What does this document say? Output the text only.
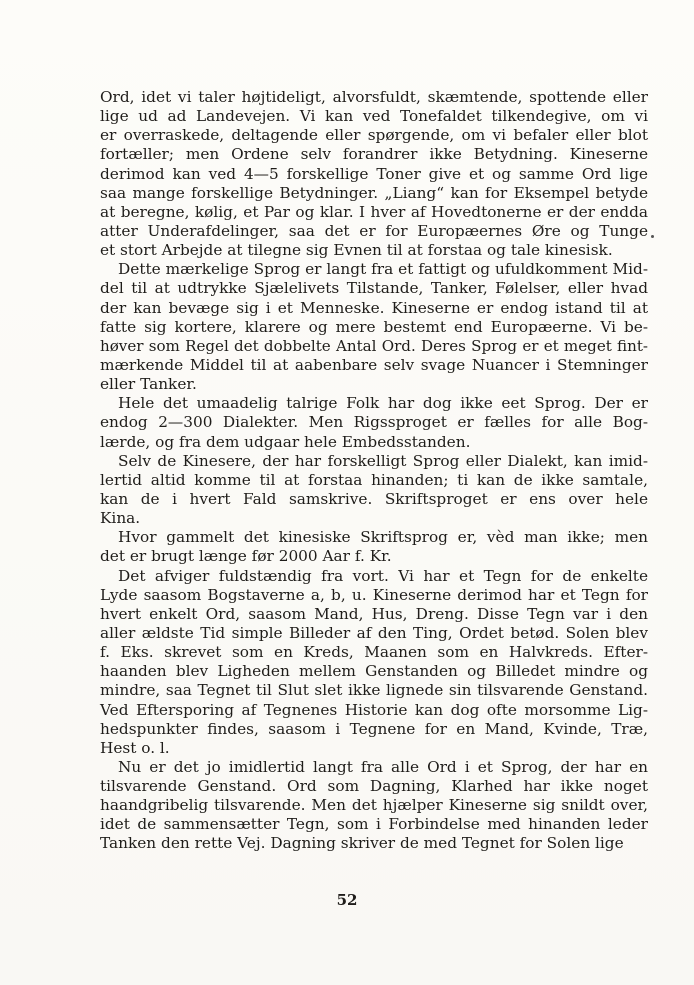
Ord, idet vi taler højtideligt, alvorsfuldt, skæmtende, spottende eller
lige ud ad Landevejen. Vi kan ved Tonefaldet tilkendegive, om vi
er overraskede, deltagende eller spørgende, om vi befaler eller blot
fortæller; men Ordene selv forandrer ikke Betydning. Kineserne
derimod kan ved 4—5 forskellige Toner give et og samme Ord lige
saa mange forskellige Betydninger. „Liang“ kan for Eksempel betyde
at beregne, kølig, et Par og klar. I hver af Hovedtonerne er der endda
atter Underafdelinger, saa det er for Europæernes Øre og Tunge
et stort Arbejde at tilegne sig Evnen til at forstaa og tale kinesisk.
Dette mærkelige Sprog er langt fra et fattigt og ufuldkomment Mid-
del til at udtrykke Sjælelivets Tilstande, Tanker, Følelser, eller hvad
der kan bevæge sig i et Menneske. Kineserne er endog istand til at
fatte sig kortere, klarere og mere bestemt end Europæerne. Vi be-
høver som Regel det dobbelte Antal Ord. Deres Sprog er et meget fint-
mærkende Middel til at aabenbare selv svage Nuancer i Stemninger
eller Tanker.
Hele det umaadelig talrige Folk har dog ikke eet Sprog. Der er
endog 2—300 Dialekter. Men Rigssproget er fælles for alle Bog-
lærde, og fra dem udgaar hele Embedsstanden.
Selv de Kinesere, der har forskelligt Sprog eller Dialekt, kan imid-
lertid altid komme til at forstaa hinanden; ti kan de ikke samtale,
kan de i hvert Fald samskrive. Skriftsproget er ens over hele
Kina.
Hvor gammelt det kinesiske Skriftsprog er, vèd man ikke; men
det er brugt længe før 2000 Aar f. Kr.
Det afviger fuldstændig fra vort. Vi har et Tegn for de enkelte
Lyde saasom Bogstaverne a, b, u. Kineserne derimod har et Tegn for
hvert enkelt Ord, saasom Mand, Hus, Dreng. Disse Tegn var i den
aller ældste Tid simple Billeder af den Ting, Ordet betød. Solen blev
f. Eks. skrevet som en Kreds, Maanen som en Halvkreds. Efter-
haanden blev Ligheden mellem Genstanden og Billedet mindre og
mindre, saa Tegnet til Slut slet ikke lignede sin tilsvarende Genstand.
Ved Eftersporing af Tegnenes Historie kan dog ofte morsomme Lig-
hedspunkter findes, saasom i Tegnene for en Mand, Kvinde, Træ,
Hest o. l.
Nu er det jo imidlertid langt fra alle Ord i et Sprog, der har en
tilsvarende Genstand. Ord som Dagning, Klarhed har ikke noget
haandgribelig tilsvarende. Men det hjælper Kineserne sig snildt over,
idet de sammensætter Tegn, som i Forbindelse med hinanden leder
Tanken den rette Vej. Dagning skriver de med Tegnet for Solen lige
52
